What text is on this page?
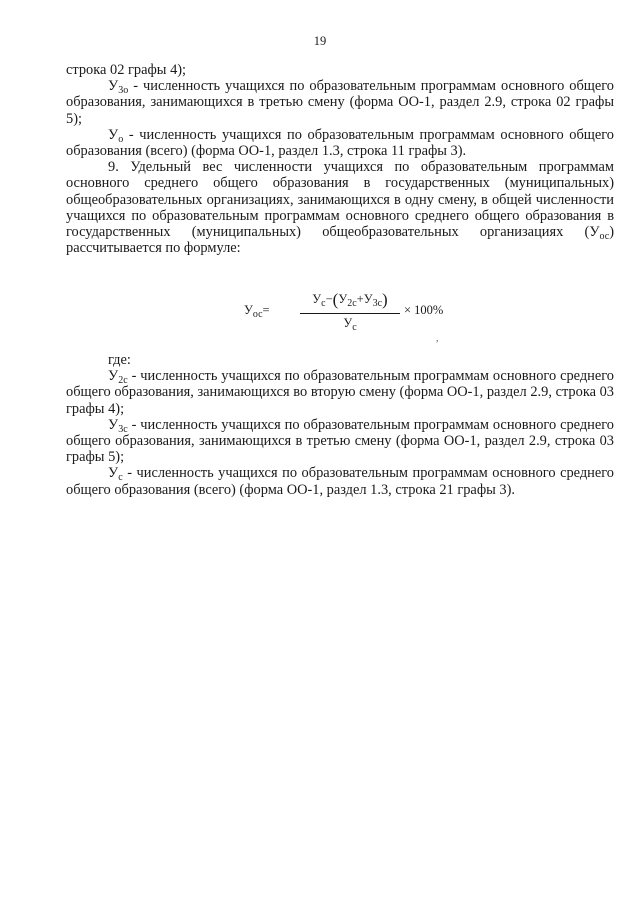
19

строка 02 графы 4);

$У_{3о}$ - численность учащихся по образовательным программам основного общего образования, занимающихся в третью смену (форма ОО-1, раздел 2.9, строка 02 графы 5);

$У_о$ - численность учащихся по образовательным программам основного общего образования (всего) (форма ОО-1, раздел 1.3, строка 11 графы 3).

9. Удельный вес численности учащихся по образовательным программам основного среднего общего образования в государственных (муниципальных) общеобразовательных организациях, занимающихся в одну смену, в общей численности учащихся по образовательным программам основного среднего общего образования в государственных (муниципальных) общеобразовательных организациях $(У_{ос})$ рассчитывается по формуле:

$У_{ос}=$
$У_с-(У_{2с}+У_{3с})$
$У_с$
× 100%
,

где:

$У_{2с}$ - численность учащихся по образовательным программам основного среднего общего образования, занимающихся во вторую смену (форма ОО-1, раздел 2.9, строка 03 графы 4);

$У_{3с}$ - численность учащихся по образовательным программам основного среднего общего образования, занимающихся в третью смену (форма ОО-1, раздел 2.9, строка 03 графы 5);

$У_с$ - численность учащихся по образовательным программам основного среднего общего образования (всего) (форма ОО-1, раздел 1.3, строка 21 графы 3).
